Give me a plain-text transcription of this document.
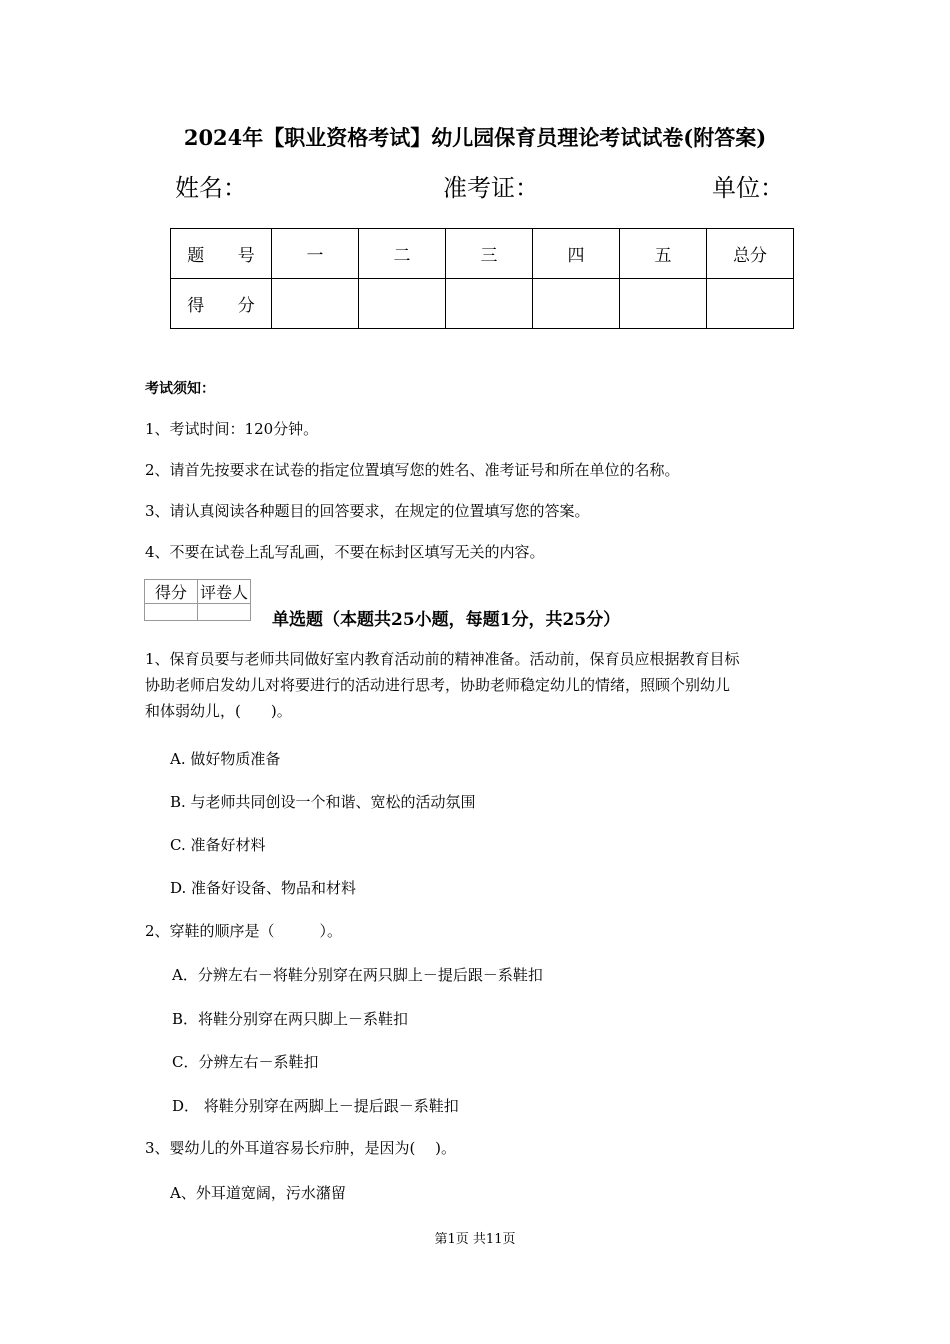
2024年【职业资格考试】幼儿园保育员理论考试试卷(附答案)
姓名：	准考证：	单位：
题 号	一	二	三	四	五	总分
得 分						
考试须知：
1、考试时间：120分钟。
2、请首先按要求在试卷的指定位置填写您的姓名、准考证号和所在单位的名称。
3、请认真阅读各种题目的回答要求，在规定的位置填写您的答案。
4、不要在试卷上乱写乱画，不要在标封区填写无关的内容。
得分	评卷人

单选题（本题共25小题，每题1分，共25分）
1、保育员要与老师共同做好室内教育活动前的精神准备。活动前，保育员应根据教育目标
协助老师启发幼儿对将要进行的活动进行思考，协助老师稳定幼儿的情绪，照顾个别幼儿
和体弱幼儿，(　　)。
A. 做好物质准备
B. 与老师共同创设一个和谐、宽松的活动氛围
C. 准备好材料
D. 准备好设备、物品和材料
2、穿鞋的顺序是（　　　）。
A．分辨左右－将鞋分别穿在两只脚上－提后跟－系鞋扣
B．将鞋分别穿在两只脚上－系鞋扣
C．分辨左右－系鞋扣
D． 将鞋分别穿在两脚上－提后跟－系鞋扣
3、婴幼儿的外耳道容易长疖肿，是因为(　 )。
A、外耳道宽阔，污水潴留
第1页 共11页
